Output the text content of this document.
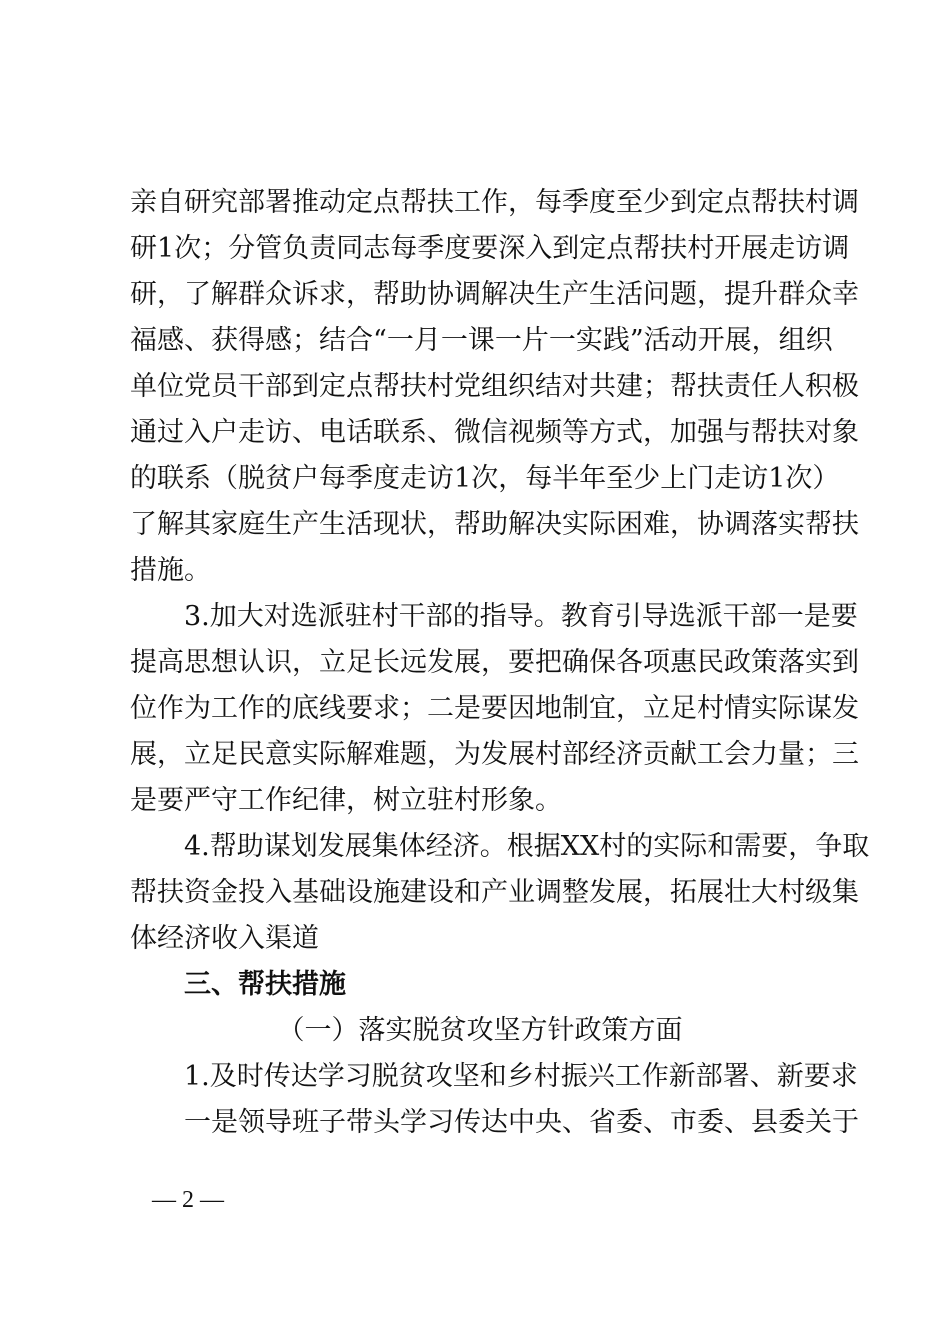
亲 自 研 究 部 署 推 动 定 点 帮 扶 工 作 ， 每 季 度 至 少 到 定 点 帮 扶 村 调
研 1 次 ； 分 管 负 责 同 志 每 季 度 要 深 入 到 定 点 帮 扶 村 开 展 走 访 调
研 ， 了 解 群 众 诉 求 ， 帮 助 协 调 解 决 生 产 生 活 问 题 ， 提 升 群 众 幸
福 感 、 获 得 感 ； 结 合 “ 一 月 一 课 一 片 一 实 践 ” 活 动 开 展 ， 组 织
单 位 党 员 干 部 到 定 点 帮 扶 村 党 组 织 结 对 共 建 ； 帮 扶 责 任 人 积 极
通 过 入 户 走 访 、 电 话 联 系 、 微 信 视 频 等 方 式 ， 加 强 与 帮 扶 对 象
的 联 系 （ 脱 贫 户 每 季 度 走 访 1 次 ， 每 半 年 至 少 上 门 走 访 1 次 ）
了 解 其 家 庭 生 产 生 活 现 状 ， 帮 助 解 决 实 际 困 难 ， 协 调 落 实 帮 扶
措施。
3. 加 大 对 选 派 驻 村 干 部 的 指 导 。 教 育 引 导 选 派 干 部 一 是 要
提 高 思 想 认 识 ， 立 足 长 远 发 展 ， 要 把 确 保 各 项 惠 民 政 策 落 实 到
位 作 为 工 作 的 底 线 要 求 ； 二 是 要 因 地 制 宜 ， 立 足 村 情 实 际 谋 发
展 ， 立 足 民 意 实 际 解 难 题 ， 为 发 展 村 部 经 济 贡 献 工 会 力 量 ； 三
是要严守工作纪律，树立驻村形象。
4. 帮 助 谋 划 发 展 集 体 经 济 。 根 据 XX 村 的 实 际 和 需 要 ， 争 取
帮 扶 资 金 投 入 基 础 设 施 建 设 和 产 业 调 整 发 展 ， 拓 展 壮 大 村 级 集
体经济收入渠道
三、帮扶措施
（一）落实脱贫攻坚方针政策方面
1.及时传达学习脱贫攻坚和乡村振兴工作新部署、新要求
一 是 领 导 班 子 带 头 学 习 传 达 中 央 、 省 委 、 市 委 、 县 委 关 于
— 2 —
